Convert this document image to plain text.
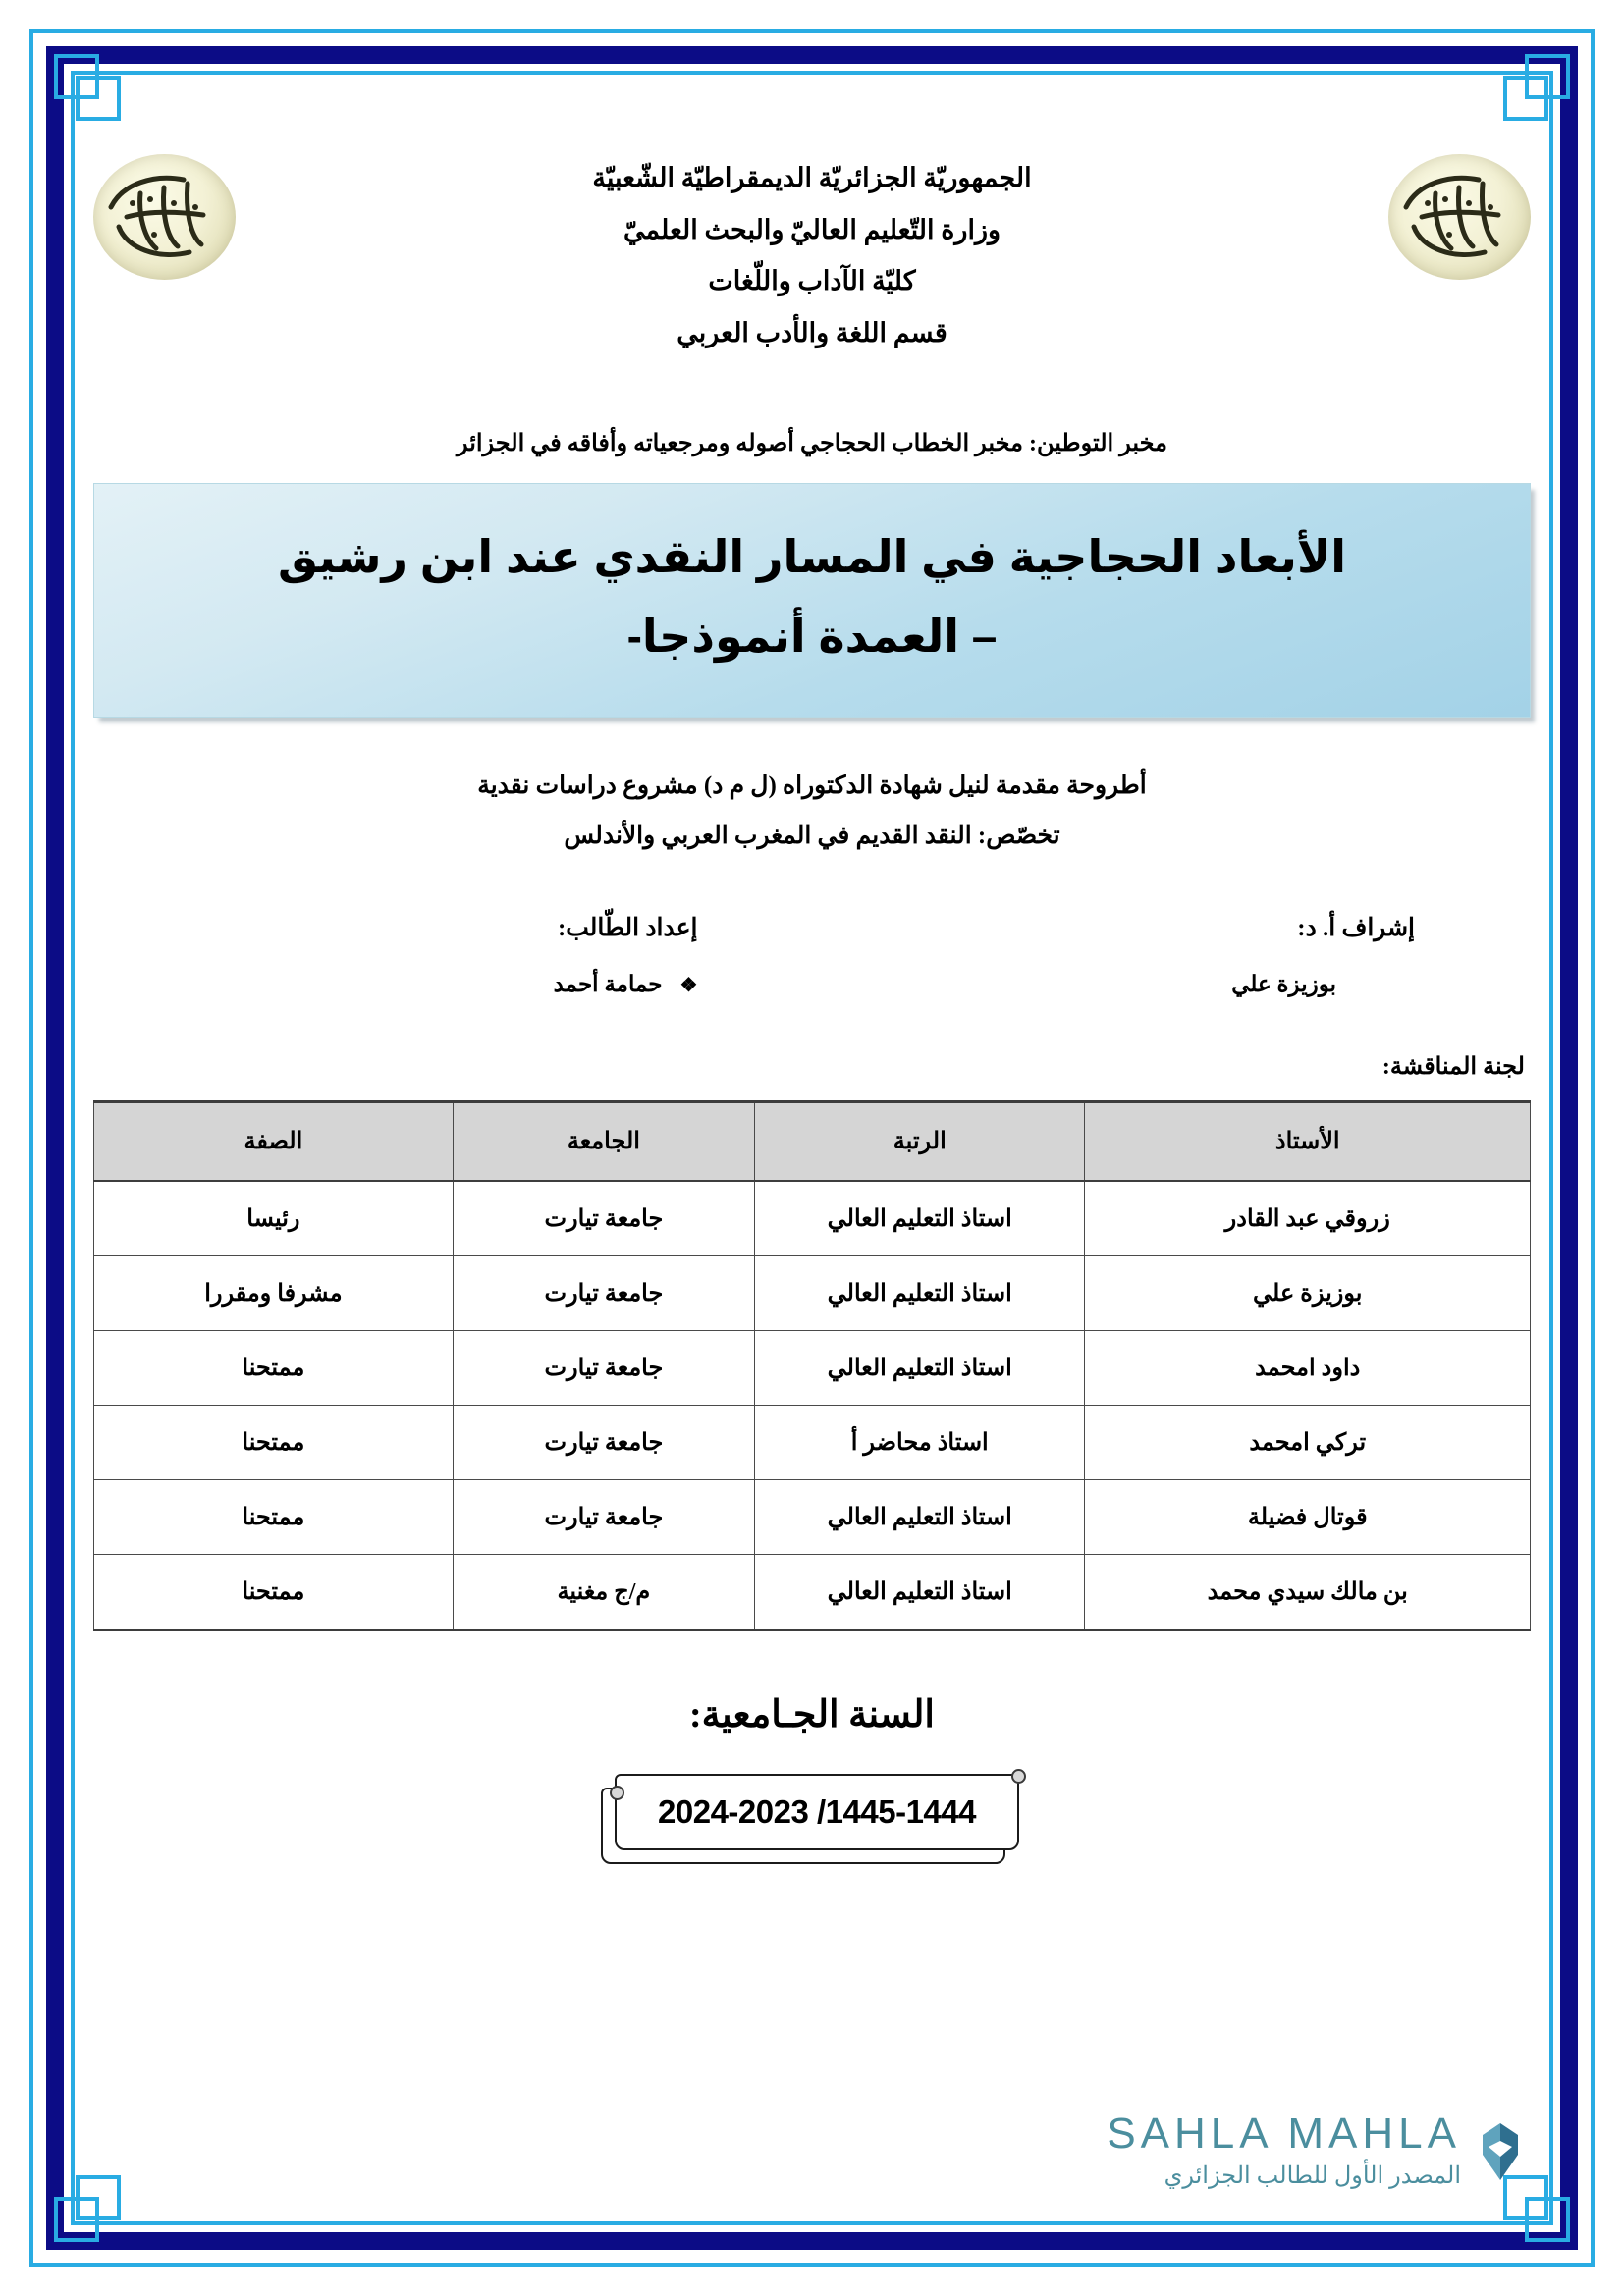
الجمهوريّة الجزائريّة الديمقراطيّة الشّعبيّة
وزارة التّعليم العاليّ والبحث العلميّ
كليّة الآداب واللّغات
قسم اللغة والأدب العربي
مخبر التوطين: مخبر الخطاب الحجاجي أصوله ومرجعياته وأفاقه في الجزائر
الأبعاد الحجاجية في المسار النقدي عند ابن رشيق
– العمدة أنموذجا-
أطروحة مقدمة لنيل شهادة الدكتوراه (ل م د) مشروع دراسات نقدية
تخصّص: النقد القديم في المغرب العربي والأندلس
إشراف أ. د:
بوزيزة علي
إعداد الطّالب:
❖حمامة أحمد
لجنة المناقشة:
الأستاذ	الرتبة	الجامعة	الصفة
زروقي عبد القادر	استاذ التعليم العالي	جامعة تيارت	رئيسا
بوزيزة علي	استاذ التعليم العالي	جامعة تيارت	مشرفا ومقررا
داود امحمد	استاذ التعليم العالي	جامعة تيارت	ممتحنا
تركي امحمد	استاذ محاضر أ	جامعة تيارت	ممتحنا
قوتال فضيلة	استاذ التعليم العالي	جامعة تيارت	ممتحنا
بن مالك سيدي محمد	استاذ التعليم العالي	م/ج مغنية	ممتحنا
السنة الجـامعية:
2024-2023 /1445-1444
SAHLA MAHLA
المصدر الأول للطالب الجزائري
